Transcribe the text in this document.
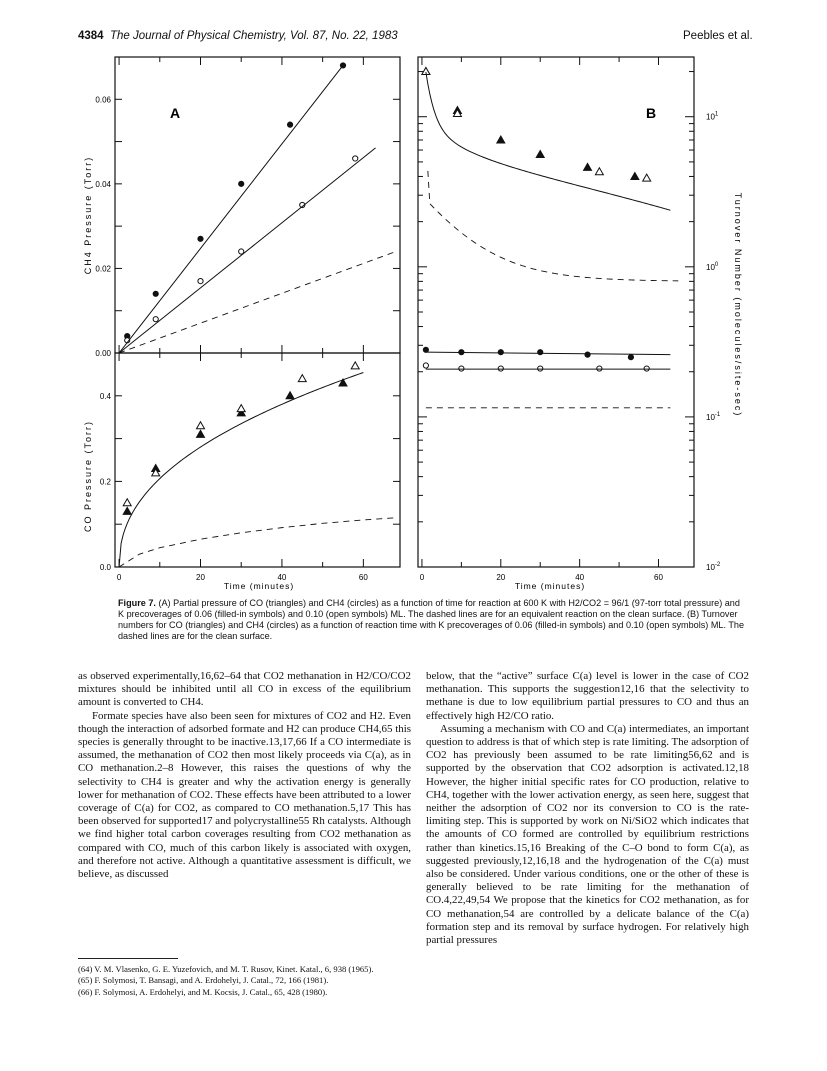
4384 The Journal of Physical Chemistry, Vol. 87, No. 22, 1983	Peebles et al.
0.00
0.02
0.04
0.06
0.0
0.2
0.4
0	20	40	60
$10^{-2}$
$10^{-1}$
$10^0$
$10^1$
0	20	40	60
A	B
CH4 Pressure (Torr)
CO Pressure (Torr)
Turnover Number (molecules/site-sec)
Time (minutes)	Time (minutes)
Figure 7. (A) Partial pressure of CO (triangles) and CH4 (circles) as a function of time for reaction at 600 K with H2/CO2 = 96/1 (97-torr total pressure) and K precoverages of 0.06 (filled-in symbols) and 0.10 (open symbols) ML. The dashed lines are for an equivalent reaction on the clean surface. (B) Turnover numbers for CO (triangles) and CH4 (circles) as a function of reaction time with K precoverages of 0.06 (filled-in symbols) and 0.10 (open symbols) ML. The dashed lines are for the clean surface.

as observed experimentally,16,62–64 that CO2 methanation in H2/CO/CO2 mixtures should be inhibited until all CO in excess of the equilibrium amount is converted to CH4.

Formate species have also been seen for mixtures of CO2 and H2. Even though the interaction of adsorbed formate and H2 can produce CH4,65 this species is generally throught to be inactive.13,17,66 If a CO intermediate is assumed, the methanation of CO2 then most likely proceeds via C(a), as in CO methanation.2–8 However, this raises the questions of why the selectivity to CH4 is greater and why the activation energy is generally lower for methanation of CO2. These effects have been attributed to a lower coverage of C(a) for CO2, as compared to CO methanation.5,17 This has been observed for supported17 and polycrystalline55 Rh catalysts. Although we find higher total carbon coverages resulting from CO2 methanation as compared with CO, much of this carbon likely is associated with oxygen, and therefore not active. Although a quantitative assessment is difficult, we believe, as discussed

(64) V. M. Vlasenko, G. E. Yuzefovich, and M. T. Rusov, Kinet. Katal., 6, 938 (1965).
(65) F. Solymosi, T. Bansagi, and A. Erdohelyi, J. Catal., 72, 166 (1981).
(66) F. Solymosi, A. Erdohelyi, and M. Kocsis, J. Catal., 65, 428 (1980).

below, that the “active” surface C(a) level is lower in the case of CO2 methanation. This supports the suggestion12,16 that the selectivity to methane is due to low equilibrium partial pressures to CO and thus an effectively high H2/CO ratio.

Assuming a mechanism with CO and C(a) intermediates, an important question to address is that of which step is rate limiting. The adsorption of CO2 has previously been assumed to be rate limiting56,62 and is supported by the observation that CO2 adsorption is activated.12,18 However, the higher initial specific rates for CO production, relative to CH4, together with the lower activation energy, as seen here, suggest that neither the adsorption of CO2 nor its conversion to CO is the rate-limiting step. This is supported by work on Ni/SiO2 which indicates that the amounts of CO formed are controlled by equilibrium restrictions rather than kinetics.15,16 Breaking of the C–O bond to form C(a), as suggested previously,12,16,18 and the hydrogenation of the C(a) must also be considered. Under various conditions, one or the other of these is generally believed to be rate limiting for the methanation of CO.4,22,49,54 We propose that the kinetics for CO2 methanation, as for CO methanation,54 are controlled by a delicate balance of the C(a) formation step and its removal by surface hydrogen. For relatively high partial pressures
